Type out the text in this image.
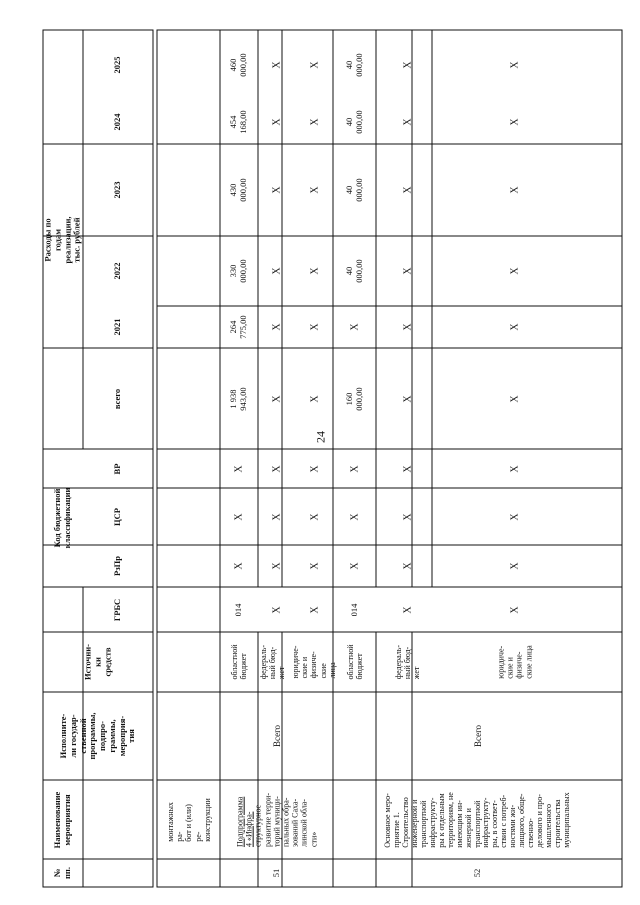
24
№
пп.
Наименование
мероприятия
Исполните-
ли государ-
ственной
программы,
подпро-
граммы,
мероприя-
тия
Источни-
ки
средств
Код бюджетной
классификации
ГРБС
РзПр
ЦСР
ВР
Расходы по годам реализации, тыс. рублей
всего
2021
2022
2023
2024
2025
монтажных ра-
бот и (или) ре-
конструкции
51
Подпрограмма
4 «Инфра-
структурное
развитие терри-
торий муници-
пальных обра-
зований Саха-
линской обла-
сти»
Всего
областной
бюджет
014
Х
Х
Х
1 938 943,00
264 775,00
330 000,00
430 000,00
454 168,00
460 000,00
федераль-
ный бюд-
жет
Х
Х
Х
Х
Х
Х
Х
Х
Х
Х
юридиче-
ские и
физиче-
ские лица
Х
Х
Х
Х
Х
Х
Х
Х
Х
Х
52
Основное меро-
приятие 1.
Строительство
инженерной и
транспортной
инфраструкту-
ры к отдельным
территориям, не
имеющим ин-
женерной и
транспортной
инфраструкту-
ры, в соответ-
ствии с потреб-
ностями жи-
лищного, обще-
ственно-
делового и про-
мышленного
строительства
муниципальных
Всего
областной
бюджет
014
Х
Х
Х
160 000,00
Х
40 000,00
40 000,00
40 000,00
40 000,00
федераль-
ный бюд-
жет
Х
Х
Х
Х
Х
Х
Х
Х
Х
Х
юридиче-
ские и
физиче-
ские лица
Х
Х
Х
Х
Х
Х
Х
Х
Х
Х
